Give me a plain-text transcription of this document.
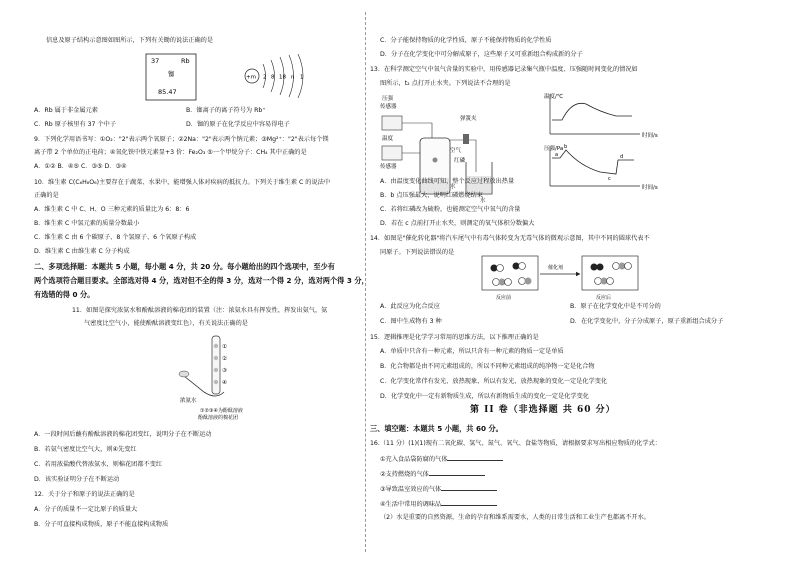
信息及原子结构示意图如图所示，下列有关锄的说法正确的是
37	Rb
铷
85.47
+m 2 8 18 n 1
A．Rb 属于非金属元素	B．铷离子的离子符号为 Rb⁺
C．Rb 原子核里有 37 个中子	D．铷的原子在化学反应中容易得电子
9．下列化学用语书写：①O₂："2"表示两个氧原子；②2Na："2"表示两个钠元素；③Mg²⁺："2"表示每个镁
离子带 2 个单位的正电荷；④氧化铁中铁元素显+3 价：Fe₂O₃ ⑤一个甲烷分子：CH₄ 其中正确的是
A．①② B．④⑤ C．③⑤ D．③④
10．维生素 C(C₆H₈O₆)主要存在于蔬菜、水果中，能增强人体对疾病的抵抗力。下列关于维生素 C 的说法中
正确的是
A．维生素 C 中 C、H、O 三种元素的质量比为 6：8：6
B．维生素 C 中氢元素的质量分数最小
C．维生素 C 由 6 个碳原子、8 个氢原子、6 个氧原子构成
D．维生素 C 由维生素 C 分子构成
二、多项选择题：本题共 5 小题，每小题 4 分，共 20 分。每小题给出的四个选项中，至少有
两个选项符合题目要求。全部选对得 4 分，选对但不全的得 3 分，选对一个得 2 分，选对两个得 3 分，
有选错的得 0 分。
11．如图是探究浓氨水和酚酞溶液的棉花团的装置（注：浓氨水具有挥发性，挥发出氨气，氨
气密度比空气小，能使酚酞溶液变红色），有关说法正确的是
①
②
③
④
浓氨水
①②③④为酚酞溶液
酚酞溶液的棉花团
A．一段时间后蘸有酚酞溶液的棉花团变红，说明分子在不断运动
B．若氨气密度比空气大，则④先变红
C．若用浓盐酸代替浓氨水，则棉花团都不变红
D．该实验证明分子在不断运动
12．关于分子和原子的说法正确的是
A．分子的质量不一定比原子的质量大
B．分子可直接构成物质，原子不能直接构成物质
C．分子能保持物质的化学性质，原子不能保持物质的化学性质
D．分子在化学变化中可分解成原子，这些原子又可重新组合构成新的分子
13．在科学测定空气中氧气含量的实验中，用传感器记录集气瓶中温度、压强随时间变化的情况如
图所示，t₂ 点打开止水夹。下列说法不合理的是
压强
传感器
温度
传感器
红磷
空气
水
弹簧夹
水
温度/℃
时间/s
压强/Pa
时间/s
a
b
c
d
A．由温度变化曲线可知，整个反应过程放出热量
B．b 点压强最大，说明红磷燃烧结束
C．若将红磷改为硫粉，也能测定空气中氧气的含量
D．若在 c 点前打开止水夹，则测定的氧气体积分数偏大
14．如图是"催化转化器"将汽车尾气中有毒气体转变为无毒气体的微观示意图，其中不同的圆球代表不
同原子。下列说法错误的是
反应前
催化剂
反应后
A．此反应为化合反应	B．原子在化学变化中是不可分的
C．图中生成物有 3 种	D．在化学变化中，分子分成原子，原子重新组合成分子
15．逻辑推理是化学学习常用的思维方法，以下推理正确的是
A．单质中只含有一种元素，所以只含有一种元素的物质一定是单质
B．化合物都是由不同元素组成的，所以不同种元素组成的纯净物一定是化合物
C．化学变化常伴有发光、放热现象，所以有发光、放热现象的变化一定是化学变化
D．化学变化中一定有新物质生成，所以有新物质生成的变化一定是化学变化
第 II 卷（非选择题 共 60 分）
三、填空题：本题共 5 小题，共 60 分。
16.（11 分）(1)(1)现有二氧化碳、氢气、氮气、氧气、食盐等物质，请根据要求写出相应物质的化学式：
①充入食品袋防腐的气体
②支持燃烧的气体
③导致温室效应的气体
④生活中常用的调味品
（2）水是重要的自然资源，生命的孕育和维系需要水，人类的日常生活和工业生产也都离不开水。
